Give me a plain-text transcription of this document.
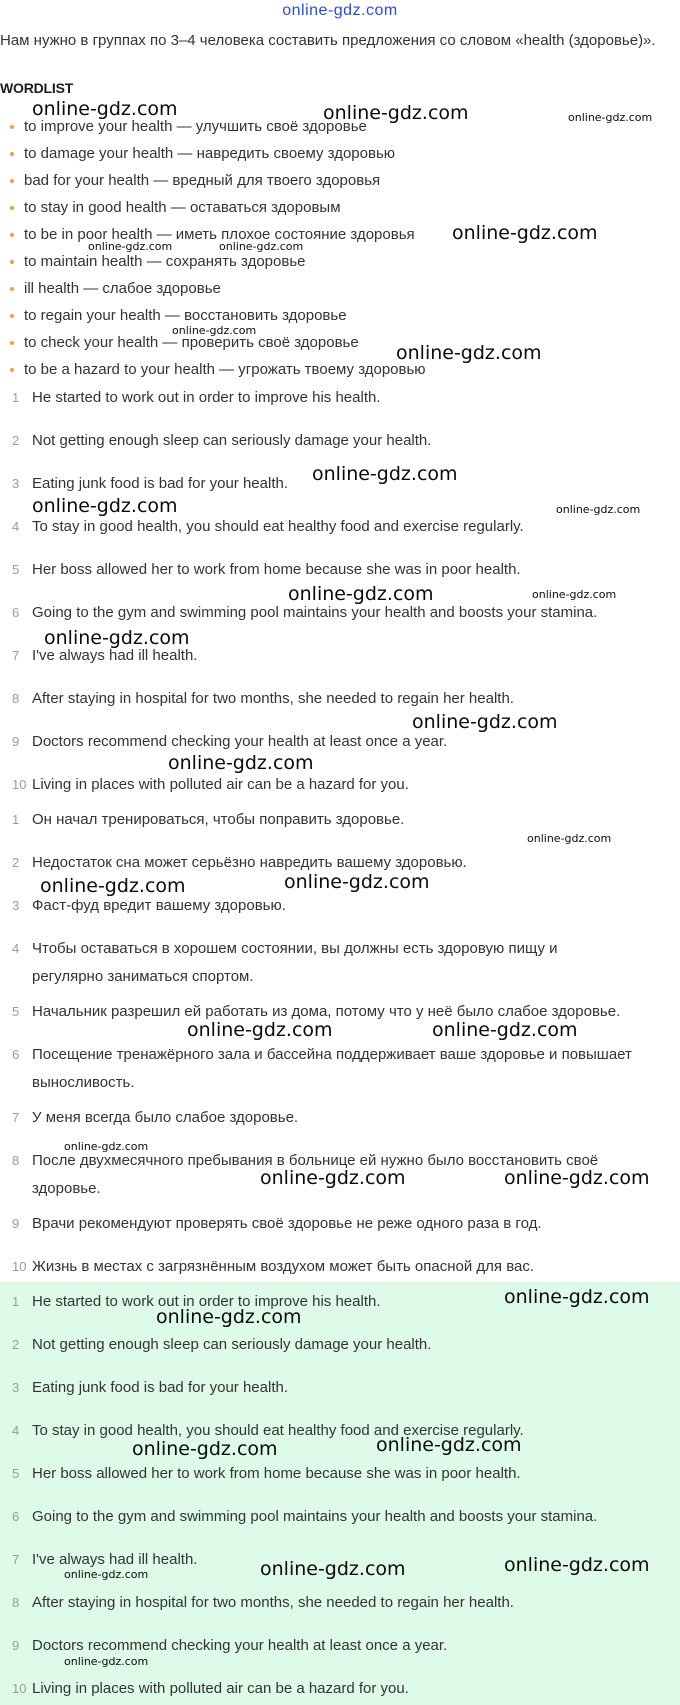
online-gdz.com
Нам нужно в группах по 3–4 человека составить предложения со словом «health (здоровье)».
WORDLIST
to improve your health — улучшить своё здоровье
to damage your health — навредить своему здоровью
bad for your health — вредный для твоего здоровья
to stay in good health — оставаться здоровым
to be in poor health — иметь плохое состояние здоровья
to maintain health — сохранять здоровье
ill health — слабое здоровье
to regain your health — восстановить здоровье
to check your health — проверить своё здоровье
to be a hazard to your health — угрожать твоему здоровью
1 He started to work out in order to improve his health.
2 Not getting enough sleep can seriously damage your health.
3 Eating junk food is bad for your health.
4 To stay in good health, you should eat healthy food and exercise regularly.
5 Her boss allowed her to work from home because she was in poor health.
6 Going to the gym and swimming pool maintains your health and boosts your stamina.
7 I've always had ill health.
8 After staying in hospital for two months, she needed to regain her health.
9 Doctors recommend checking your health at least once a year.
10 Living in places with polluted air can be a hazard for you.
1 Он начал тренироваться, чтобы поправить здоровье.
2 Недостаток сна может серьёзно навредить вашему здоровью.
3 Фаст-фуд вредит вашему здоровью.
4 Чтобы оставаться в хорошем состоянии, вы должны есть здоровую пищу и регулярно заниматься спортом.
5 Начальник разрешил ей работать из дома, потому что у неё было слабое здоровье.
6 Посещение тренажёрного зала и бассейна поддерживает ваше здоровье и повышает выносливость.
7 У меня всегда было слабое здоровье.
8 После двухмесячного пребывания в больнице ей нужно было восстановить своё здоровье.
9 Врачи рекомендуют проверять своё здоровье не реже одного раза в год.
10 Жизнь в местах с загрязнённым воздухом может быть опасной для вас.
1 He started to work out in order to improve his health.
2 Not getting enough sleep can seriously damage your health.
3 Eating junk food is bad for your health.
4 To stay in good health, you should eat healthy food and exercise regularly.
5 Her boss allowed her to work from home because she was in poor health.
6 Going to the gym and swimming pool maintains your health and boosts your stamina.
7 I've always had ill health.
8 After staying in hospital for two months, she needed to regain her health.
9 Doctors recommend checking your health at least once a year.
10 Living in places with polluted air can be a hazard for you.
online-gdz.com	online-gdz.com	online-gdz.com
online-gdz.com
online-gdz.com	online-gdz.com
online-gdz.com
online-gdz.com
online-gdz.com
online-gdz.com	online-gdz.com
online-gdz.com	online-gdz.com
online-gdz.com
online-gdz.com
online-gdz.com
online-gdz.com
online-gdz.com
online-gdz.com
online-gdz.com	online-gdz.com
online-gdz.com
online-gdz.com	online-gdz.com
online-gdz.com
online-gdz.com
online-gdz.com
online-gdz.com
online-gdz.com
online-gdz.com
online-gdz.com
online-gdz.com
